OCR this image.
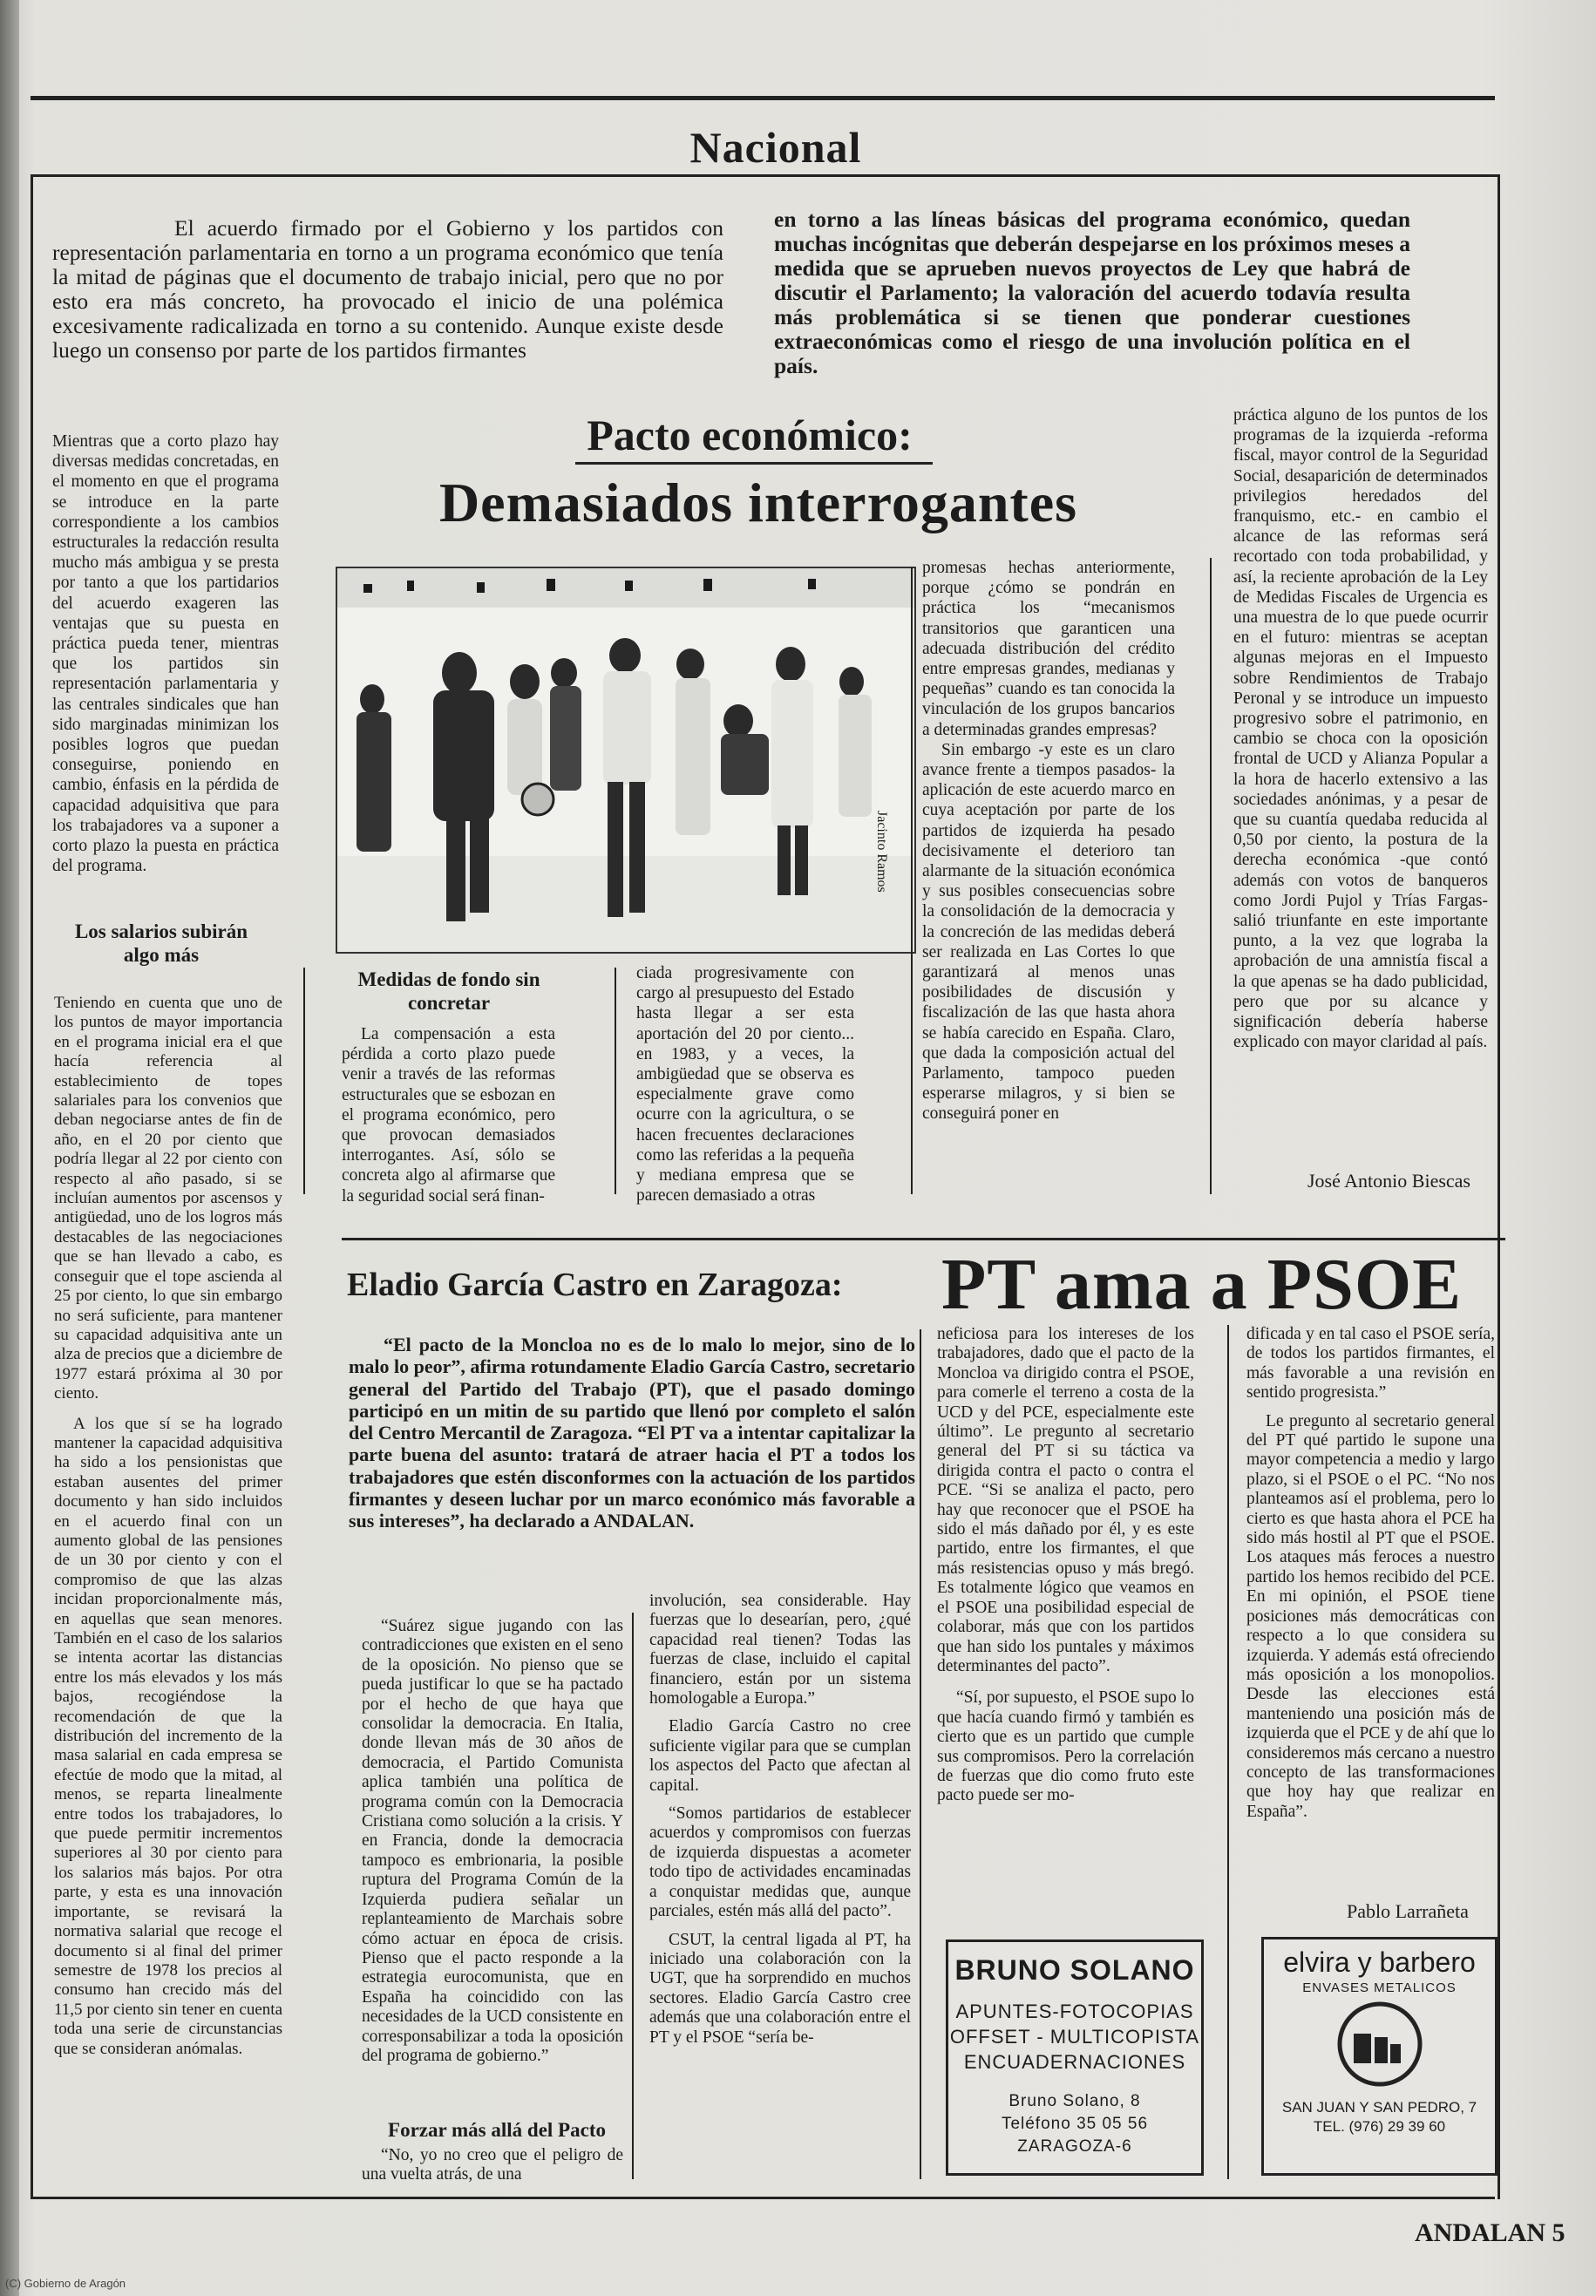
Nacional

El acuerdo firmado por el Gobierno y los partidos con representación parlamentaria en torno a un programa económico que tenía la mitad de páginas que el documento de trabajo inicial, pero que no por esto era más concreto, ha provocado el inicio de una polémica excesivamente radicalizada en torno a su contenido. Aunque existe desde luego un consenso por parte de los partidos firmantes

en torno a las líneas básicas del programa económico, quedan muchas incógnitas que deberán despejarse en los próximos meses a medida que se aprueben nuevos proyectos de Ley que habrá de discutir el Parlamento; la valoración del acuerdo todavía resulta más problemática si se tienen que ponderar cuestiones extraeconómicas como el riesgo de una involución política en el país.

Pacto económico:
Demasiados interrogantes

Mientras que a corto plazo hay diversas medidas concretadas, en el momento en que el programa se introduce en la parte correspondiente a los cambios estructurales la redacción resulta mucho más ambigua y se presta por tanto a que los partidarios del acuerdo exageren las ventajas que su puesta en práctica pueda tener, mientras que los partidos sin representación parlamentaria y las centrales sindicales que han sido marginadas minimizan los posibles logros que puedan conseguirse, poniendo en cambio, énfasis en la pérdida de capacidad adquisitiva que para los trabajadores va a suponer a corto plazo la puesta en práctica del programa.

Los salarios subirán algo más

Teniendo en cuenta que uno de los puntos de mayor importancia en el programa inicial era el que hacía referencia al establecimiento de topes salariales para los convenios que deban negociarse antes de fin de año, en el 20 por ciento que podría llegar al 22 por ciento con respecto al año pasado, si se incluían aumentos por ascensos y antigüedad, uno de los logros más destacables de las negociaciones que se han llevado a cabo, es conseguir que el tope ascienda al 25 por ciento, lo que sin embargo no será suficiente, para mantener su capacidad adquisitiva ante un alza de precios que a diciembre de 1977 estará próxima al 30 por ciento.

A los que sí se ha logrado mantener la capacidad adquisitiva ha sido a los pensionistas que estaban ausentes del primer documento y han sido incluidos en el acuerdo final con un aumento global de las pensiones de un 30 por ciento y con el compromiso de que las alzas incidan proporcionalmente más, en aquellas que sean menores. También en el caso de los salarios se intenta acortar las distancias entre los más elevados y los más bajos, recogiéndose la recomendación de que la distribución del incremento de la masa salarial en cada empresa se efectúe de modo que la mitad, al menos, se reparta linealmente entre todos los trabajadores, lo que puede permitir incrementos superiores al 30 por ciento para los salarios más bajos. Por otra parte, y esta es una innovación importante, se revisará la normativa salarial que recoge el documento si al final del primer semestre de 1978 los precios al consumo han crecido más del 11,5 por ciento sin tener en cuenta toda una serie de circunstancias que se consideran anómalas.

Jacinto Ramos
Medidas de fondo sin concretar

La compensación a esta pérdida a corto plazo puede venir a través de las reformas estructurales que se esbozan en el programa económico, pero que provocan demasiados interrogantes. Así, sólo se concreta algo al afirmarse que la seguridad social será finan-

ciada progresivamente con cargo al presupuesto del Estado hasta llegar a ser esta aportación del 20 por ciento... en 1983, y a veces, la ambigüedad que se observa es especialmente grave como ocurre con la agricultura, o se hacen frecuentes declaraciones como las referidas a la pequeña y mediana empresa que se parecen demasiado a otras

promesas hechas anteriormente, porque ¿cómo se pondrán en práctica los “mecanismos transitorios que garanticen una adecuada distribución del crédito entre empresas grandes, medianas y pequeñas” cuando es tan conocida la vinculación de los grupos bancarios a determinadas grandes empresas?

Sin embargo -y este es un claro avance frente a tiempos pasados- la aplicación de este acuerdo marco en cuya aceptación por parte de los partidos de izquierda ha pesado decisivamente el deterioro tan alarmante de la situación económica y sus posibles consecuencias sobre la consolidación de la democracia y la concreción de las medidas deberá ser realizada en Las Cortes lo que garantizará al menos unas posibilidades de discusión y fiscalización de las que hasta ahora se había carecido en España. Claro, que dada la composición actual del Parlamento, tampoco pueden esperarse milagros, y si bien se conseguirá poner en

práctica alguno de los puntos de los programas de la izquierda -reforma fiscal, mayor control de la Seguridad Social, desaparición de determinados privilegios heredados del franquismo, etc.- en cambio el alcance de las reformas será recortado con toda probabilidad, y así, la reciente aprobación de la Ley de Medidas Fiscales de Urgencia es una muestra de lo que puede ocurrir en el futuro: mientras se aceptan algunas mejoras en el Impuesto sobre Rendimientos de Trabajo Peronal y se introduce un impuesto progresivo sobre el patrimonio, en cambio se choca con la oposición frontal de UCD y Alianza Popular a la hora de hacerlo extensivo a las sociedades anónimas, y a pesar de que su cuantía quedaba reducida al 0,50 por ciento, la postura de la derecha económica -que contó además con votos de banqueros como Jordi Pujol y Trías Fargas- salió triunfante en este importante punto, a la vez que lograba la aprobación de una amnistía fiscal a la que apenas se ha dado publicidad, pero que por su alcance y significación debería haberse explicado con mayor claridad al país.

José Antonio Biescas

Eladio García Castro en Zaragoza: PT ama a PSOE

“El pacto de la Moncloa no es de lo malo lo mejor, sino de lo malo lo peor”, afirma rotundamente Eladio García Castro, secretario general del Partido del Trabajo (PT), que el pasado domingo participó en un mitin de su partido que llenó por completo el salón del Centro Mercantil de Zaragoza. “El PT va a intentar capitalizar la parte buena del asunto: tratará de atraer hacia el PT a todos los trabajadores que estén disconformes con la actuación de los partidos firmantes y deseen luchar por un marco económico más favorable a sus intereses”, ha declarado a ANDALAN.

“Suárez sigue jugando con las contradicciones que existen en el seno de la oposición. No pienso que se pueda justificar lo que se ha pactado por el hecho de que haya que consolidar la democracia. En Italia, donde llevan más de 30 años de democracia, el Partido Comunista aplica también una política de programa común con la Democracia Cristiana como solución a la crisis. Y en Francia, donde la democracia tampoco es embrionaria, la posible ruptura del Programa Común de la Izquierda pudiera señalar un replanteamiento de Marchais sobre cómo actuar en época de crisis. Pienso que el pacto responde a la estrategia eurocomunista, que en España ha coincidido con las necesidades de la UCD consistente en corresponsabilizar a toda la oposición del programa de gobierno.”

Forzar más allá del Pacto

“No, yo no creo que el peligro de una vuelta atrás, de una

involución, sea considerable. Hay fuerzas que lo desearían, pero, ¿qué capacidad real tienen? Todas las fuerzas de clase, incluido el capital financiero, están por un sistema homologable a Europa.”

Eladio García Castro no cree suficiente vigilar para que se cumplan los aspectos del Pacto que afectan al capital.

“Somos partidarios de establecer acuerdos y compromisos con fuerzas de izquierda dispuestas a acometer todo tipo de actividades encaminadas a conquistar medidas que, aunque parciales, estén más allá del pacto”.

CSUT, la central ligada al PT, ha iniciado una colaboración con la UGT, que ha sorprendido en muchos sectores. Eladio García Castro cree además que una colaboración entre el PT y el PSOE “sería be-

neficiosa para los intereses de los trabajadores, dado que el pacto de la Moncloa va dirigido contra el PSOE, para comerle el terreno a costa de la UCD y del PCE, especialmente este último”. Le pregunto al secretario general del PT si su táctica va dirigida contra el pacto o contra el PCE. “Si se analiza el pacto, pero hay que reconocer que el PSOE ha sido el más dañado por él, y es este partido, entre los firmantes, el que más resistencias opuso y más bregó. Es totalmente lógico que veamos en el PSOE una posibilidad especial de colaborar, más que con los partidos que han sido los puntales y máximos determinantes del pacto”.

“Sí, por supuesto, el PSOE supo lo que hacía cuando firmó y también es cierto que es un partido que cumple sus compromisos. Pero la correlación de fuerzas que dio como fruto este pacto puede ser mo-

dificada y en tal caso el PSOE sería, de todos los partidos firmantes, el más favorable a una revisión en sentido progresista.”

Le pregunto al secretario general del PT qué partido le supone una mayor competencia a medio y largo plazo, si el PSOE o el PC. “No nos planteamos así el problema, pero lo cierto es que hasta ahora el PCE ha sido más hostil al PT que el PSOE. Los ataques más feroces a nuestro partido los hemos recibido del PCE. En mi opinión, el PSOE tiene posiciones más democráticas con respecto a lo que considera su izquierda. Y además está ofreciendo más oposición a los monopolios. Desde las elecciones está manteniendo una posición más de izquierda que el PCE y de ahí que lo consideremos más cercano a nuestro concepto de las transformaciones que hoy hay que realizar en España”.

Pablo Larrañeta

BRUNO SOLANO
APUNTES-FOTOCOPIAS
OFFSET - MULTICOPISTA
ENCUADERNACIONES
Bruno Solano, 8
Teléfono 35 05 56
ZARAGOZA-6
elvira y barbero
ENVASES METALICOS
SAN JUAN Y SAN PEDRO, 7
TEL. (976) 29 39 60

ANDALAN 5

(C) Gobierno de Aragón
